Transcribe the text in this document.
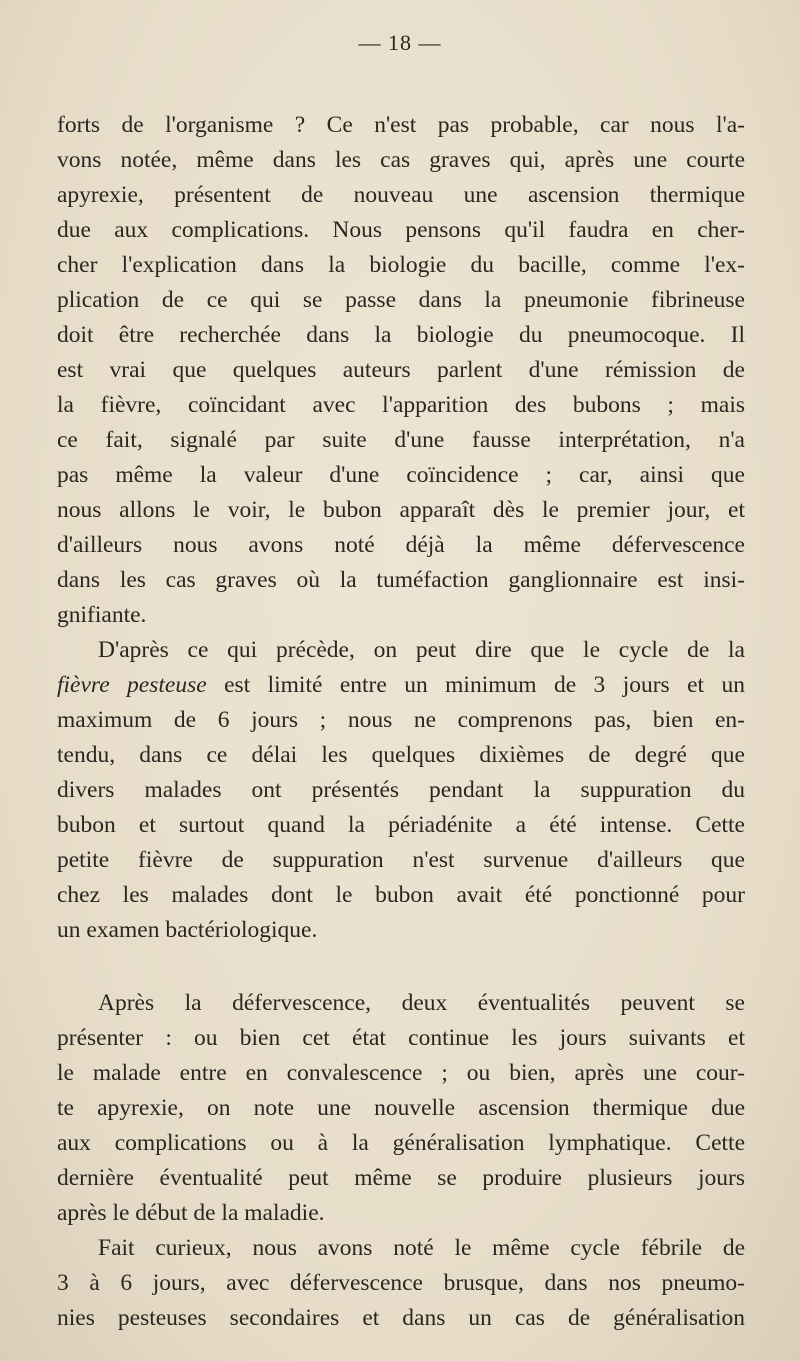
— 18 —
forts de l'organisme ? Ce n'est pas probable, car nous l'a-
vons notée, même dans les cas graves qui, après une courte
apyrexie, présentent de nouveau une ascension thermique
due aux complications. Nous pensons qu'il faudra en cher-
cher l'explication dans la biologie du bacille, comme l'ex-
plication de ce qui se passe dans la pneumonie fibrineuse
doit être recherchée dans la biologie du pneumocoque. Il
est vrai que quelques auteurs parlent d'une rémission de
la fièvre, coïncidant avec l'apparition des bubons ; mais
ce fait, signalé par suite d'une fausse interprétation, n'a
pas même la valeur d'une coïncidence ; car, ainsi que
nous allons le voir, le bubon apparaît dès le premier jour, et
d'ailleurs nous avons noté déjà la même défervescence
dans les cas graves où la tuméfaction ganglionnaire est insi-
gnifiante.
D'après ce qui précède, on peut dire que le cycle de la
fièvre pesteuse est limité entre un minimum de 3 jours et un
maximum de 6 jours ; nous ne comprenons pas, bien en-
tendu, dans ce délai les quelques dixièmes de degré que
divers malades ont présentés pendant la suppuration du
bubon et surtout quand la périadénite a été intense. Cette
petite fièvre de suppuration n'est survenue d'ailleurs que
chez les malades dont le bubon avait été ponctionné pour
un examen bactériologique.
Après la défervescence, deux éventualités peuvent se
présenter : ou bien cet état continue les jours suivants et
le malade entre en convalescence ; ou bien, après une cour-
te apyrexie, on note une nouvelle ascension thermique due
aux complications ou à la généralisation lymphatique. Cette
dernière éventualité peut même se produire plusieurs jours
après le début de la maladie.
Fait curieux, nous avons noté le même cycle fébrile de
3 à 6 jours, avec défervescence brusque, dans nos pneumo-
nies pesteuses secondaires et dans un cas de généralisation
